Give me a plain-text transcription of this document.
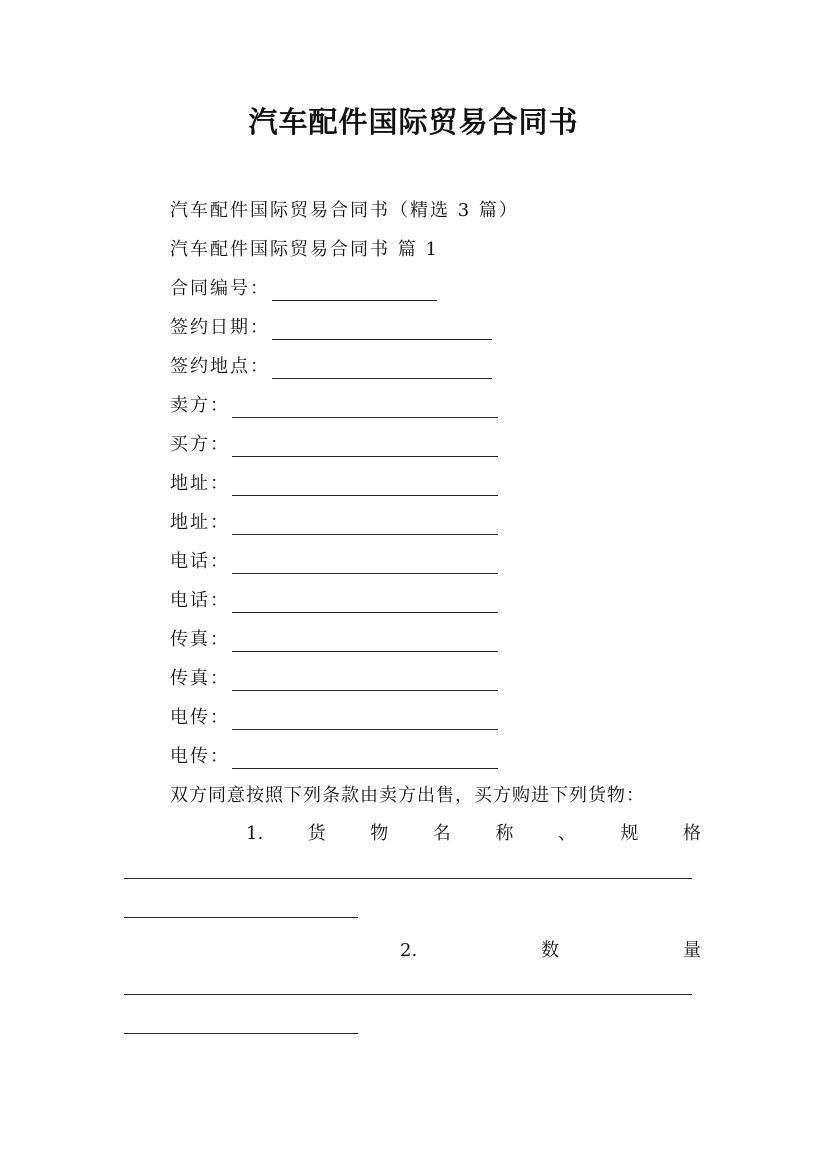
汽车配件国际贸易合同书
汽车配件国际贸易合同书（精选 3 篇）
汽车配件国际贸易合同书 篇 1
合同编号：
签约日期：
签约地点：
卖方：
买方：
地址：
地址：
电话：
电话：
传真：
传真：
电传：
电传：
双方同意按照下列条款由卖方出售，买方购进下列货物：
1. 货 物 名 称 、 规 格
2.	数	量
